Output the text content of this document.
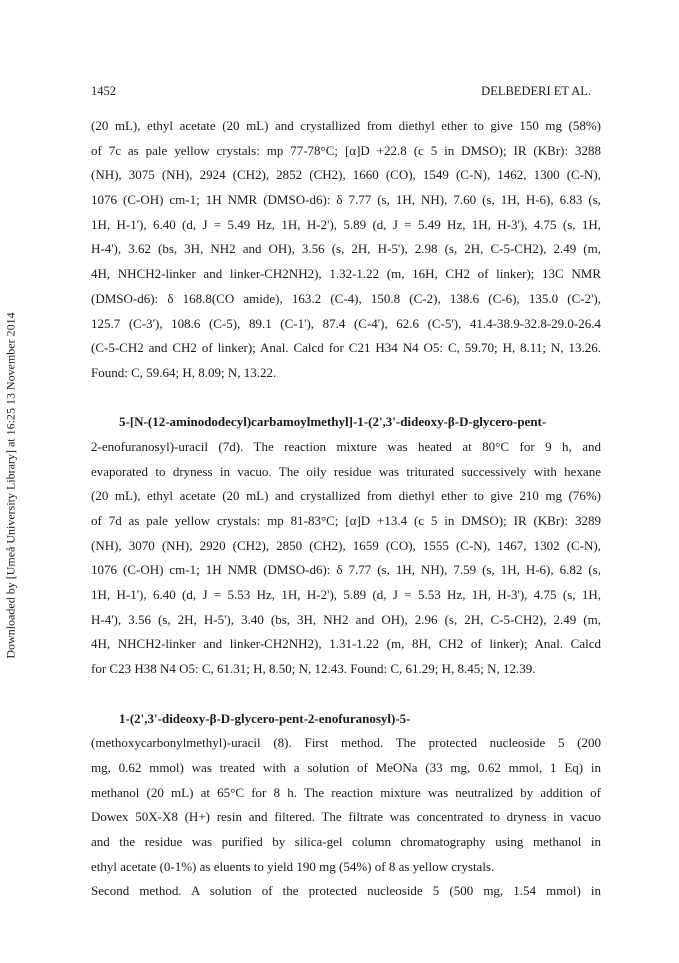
1452	DELBEDERI ET AL.
Downloaded by [Umeå University Library] at 16:25 13 November 2014
(20 mL), ethyl acetate (20 mL) and crystallized from diethyl ether to give 150 mg (58%)
of 7c as pale yellow crystals: mp 77-78°C; [α]D +22.8 (c 5 in DMSO); IR (KBr): 3288
(NH), 3075 (NH), 2924 (CH2), 2852 (CH2), 1660 (CO), 1549 (C-N), 1462, 1300 (C-N),
1076 (C-OH) cm-1; 1H NMR (DMSO-d6): δ 7.77 (s, 1H, NH), 7.60 (s, 1H, H-6), 6.83 (s,
1H, H-1'), 6.40 (d, J = 5.49 Hz, 1H, H-2'), 5.89 (d, J = 5.49 Hz, 1H, H-3'), 4.75 (s, 1H,
H-4'), 3.62 (bs, 3H, NH2 and OH), 3.56 (s, 2H, H-5'), 2.98 (s, 2H, C-5-CH2), 2.49 (m,
4H, NHCH2-linker and linker-CH2NH2), 1.32-1.22 (m, 16H, CH2 of linker); 13C NMR
(DMSO-d6): δ 168.8(CO amide), 163.2 (C-4), 150.8 (C-2), 138.6 (C-6), 135.0 (C-2'),
125.7 (C-3'), 108.6 (C-5), 89.1 (C-1'), 87.4 (C-4'), 62.6 (C-5'), 41.4-38.9-32.8-29.0-26.4
(C-5-CH2 and CH2 of linker); Anal. Calcd for C21 H34 N4 O5: C, 59.70; H, 8.11; N, 13.26.
Found: C, 59.64; H, 8.09; N, 13.22.
5-[N-(12-aminododecyl)carbamoylmethyl]-1-(2',3'-dideoxy-β-D-glycero-pent-
2-enofuranosyl)-uracil (7d). The reaction mixture was heated at 80°C for 9 h, and
evaporated to dryness in vacuo. The oily residue was triturated successively with hexane
(20 mL), ethyl acetate (20 mL) and crystallized from diethyl ether to give 210 mg (76%)
of 7d as pale yellow crystals: mp 81-83°C; [α]D +13.4 (c 5 in DMSO); IR (KBr): 3289
(NH), 3070 (NH), 2920 (CH2), 2850 (CH2), 1659 (CO), 1555 (C-N), 1467, 1302 (C-N),
1076 (C-OH) cm-1; 1H NMR (DMSO-d6): δ 7.77 (s, 1H, NH), 7.59 (s, 1H, H-6), 6.82 (s,
1H, H-1'), 6.40 (d, J = 5.53 Hz, 1H, H-2'), 5.89 (d, J = 5.53 Hz, 1H, H-3'), 4.75 (s, 1H,
H-4'), 3.56 (s, 2H, H-5'), 3.40 (bs, 3H, NH2 and OH), 2.96 (s, 2H, C-5-CH2), 2.49 (m,
4H, NHCH2-linker and linker-CH2NH2), 1.31-1.22 (m, 8H, CH2 of linker); Anal. Calcd
for C23 H38 N4 O5: C, 61.31; H, 8.50; N, 12.43. Found: C, 61.29; H, 8.45; N, 12.39.
1-(2',3'-dideoxy-β-D-glycero-pent-2-enofuranosyl)-5-
(methoxycarbonylmethyl)-uracil (8). First method. The protected nucleoside 5 (200
mg, 0.62 mmol) was treated with a solution of MeONa (33 mg, 0.62 mmol, 1 Eq) in
methanol (20 mL) at 65°C for 8 h. The reaction mixture was neutralized by addition of
Dowex 50X-X8 (H+) resin and filtered. The filtrate was concentrated to dryness in vacuo
and the residue was purified by silica-gel column chromatography using methanol in
ethyl acetate (0-1%) as eluents to yield 190 mg (54%) of 8 as yellow crystals.
Second method. A solution of the protected nucleoside 5 (500 mg, 1.54 mmol) in
